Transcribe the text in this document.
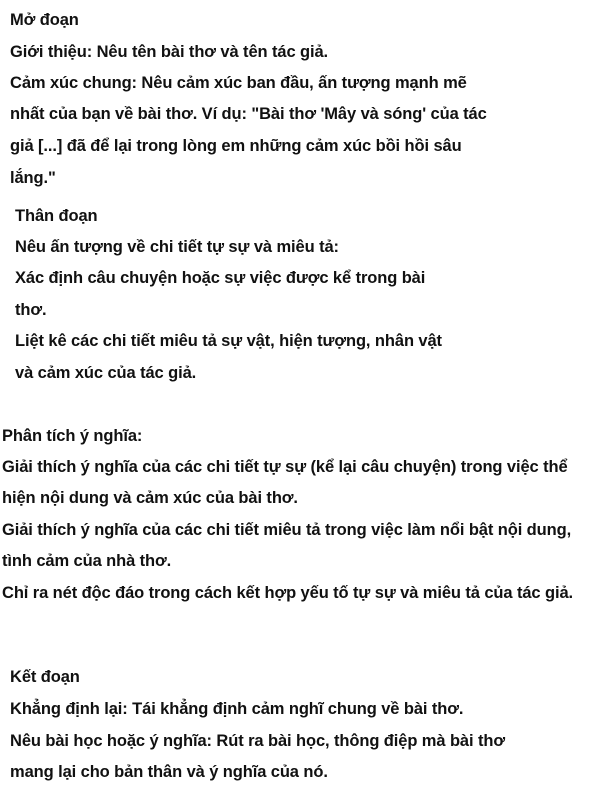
Mở đoạn
Giới thiệu: Nêu tên bài thơ và tên tác giả.
Cảm xúc chung: Nêu cảm xúc ban đầu, ấn tượng mạnh mẽ
nhất của bạn về bài thơ. Ví dụ: "Bài thơ 'Mây và sóng' của tác
giả [...] đã để lại trong lòng em những cảm xúc bồi hồi sâu
lắng."
Thân đoạn
Nêu ấn tượng về chi tiết tự sự và miêu tả:
Xác định câu chuyện hoặc sự việc được kể trong bài
thơ.
Liệt kê các chi tiết miêu tả sự vật, hiện tượng, nhân vật
và cảm xúc của tác giả.
Phân tích ý nghĩa:
Giải thích ý nghĩa của các chi tiết tự sự (kể lại câu chuyện) trong việc thể
hiện nội dung và cảm xúc của bài thơ.
Giải thích ý nghĩa của các chi tiết miêu tả trong việc làm nổi bật nội dung,
tình cảm của nhà thơ.
Chỉ ra nét độc đáo trong cách kết hợp yếu tố tự sự và miêu tả của tác giả.
Kết đoạn
Khẳng định lại: Tái khẳng định cảm nghĩ chung về bài thơ.
Nêu bài học hoặc ý nghĩa: Rút ra bài học, thông điệp mà bài thơ
mang lại cho bản thân và ý nghĩa của nó.
